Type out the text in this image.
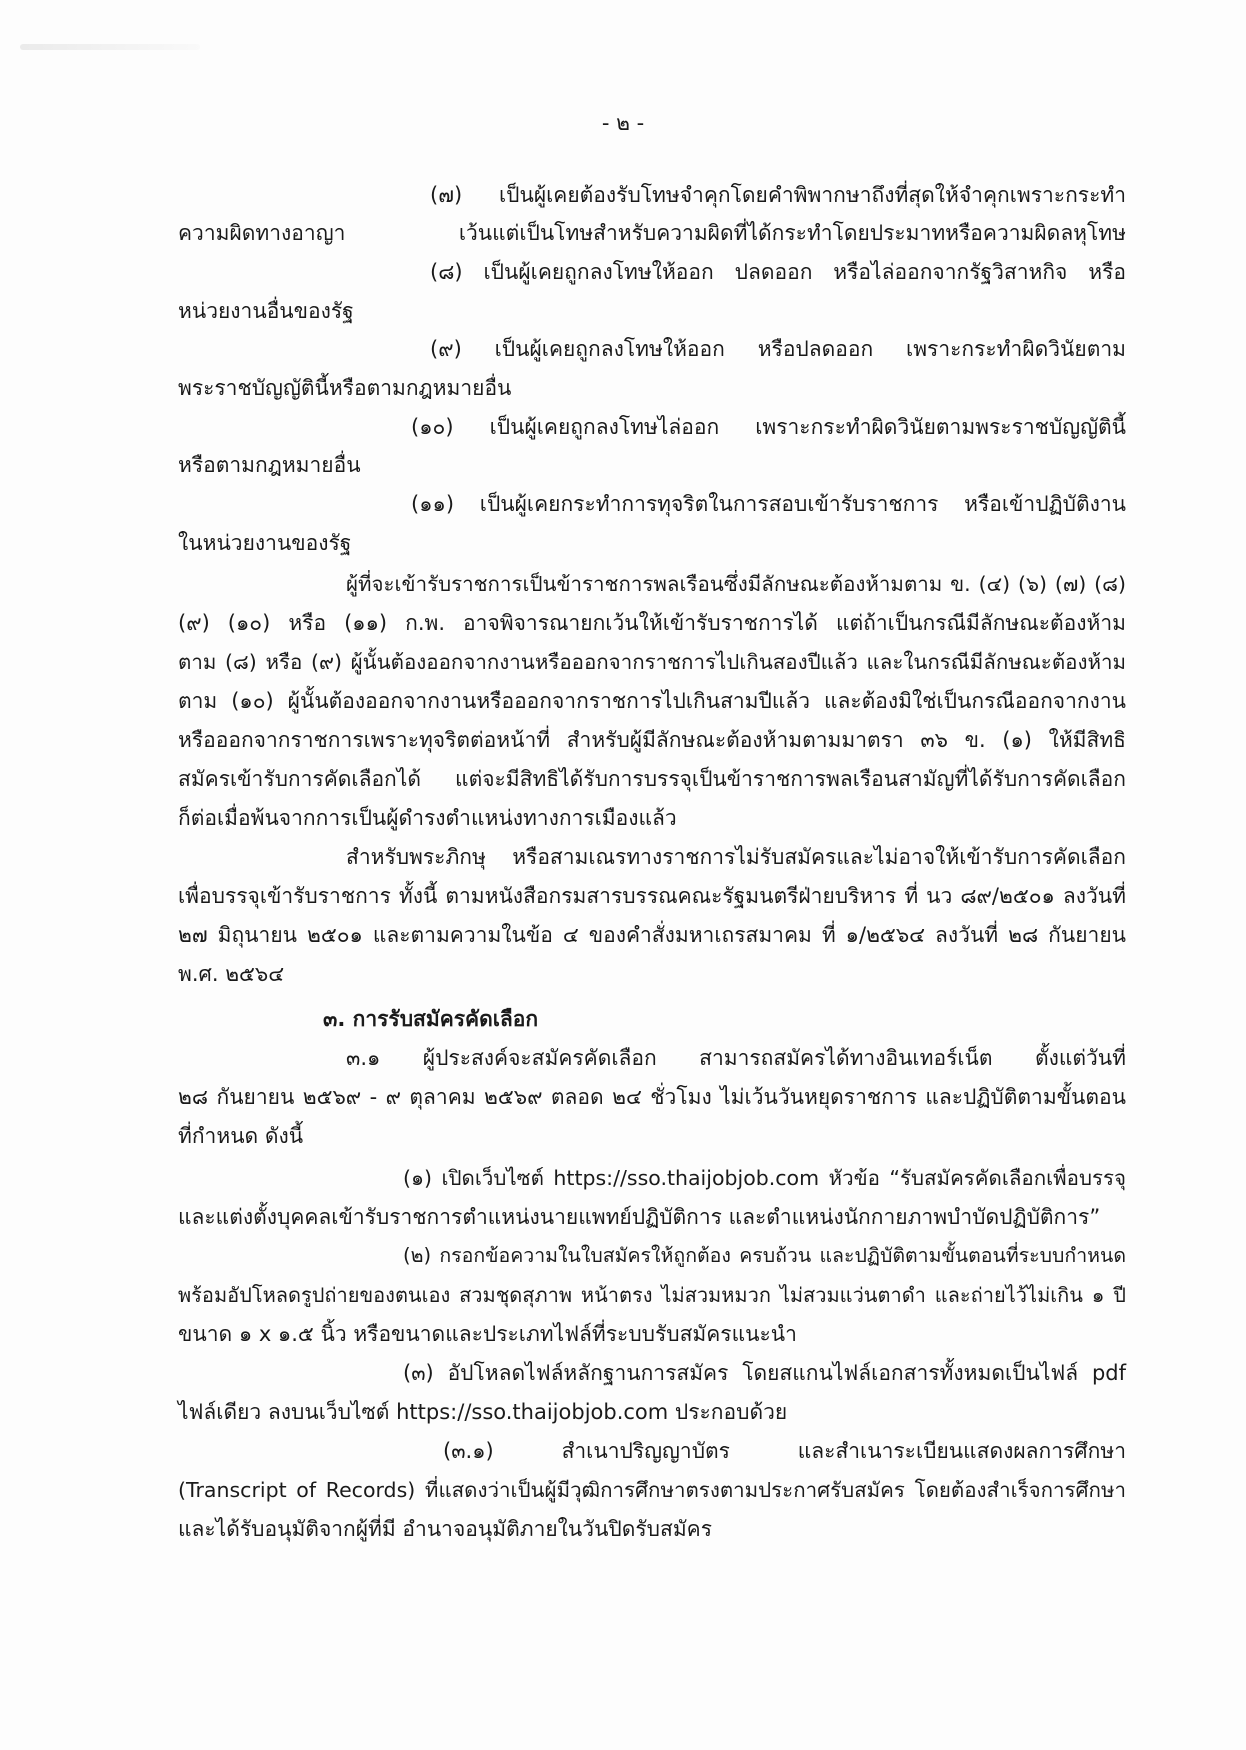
- ๒ -
(๗) เป็นผู้เคยต้องรับโทษจำคุกโดยคำพิพากษาถึงที่สุดให้จำคุกเพราะกระทำ
ความผิดทางอาญา เว้นแต่เป็นโทษสำหรับความผิดที่ได้กระทำโดยประมาทหรือความผิดลหุโทษ
(๘) เป็นผู้เคยถูกลงโทษให้ออก ปลดออก หรือไล่ออกจากรัฐวิสาหกิจ หรือ
หน่วยงานอื่นของรัฐ
(๙) เป็นผู้เคยถูกลงโทษให้ออก หรือปลดออก เพราะกระทำผิดวินัยตาม
พระราชบัญญัตินี้หรือตามกฎหมายอื่น
(๑๐) เป็นผู้เคยถูกลงโทษไล่ออก เพราะกระทำผิดวินัยตามพระราชบัญญัตินี้
หรือตามกฎหมายอื่น
(๑๑) เป็นผู้เคยกระทำการทุจริตในการสอบเข้ารับราชการ หรือเข้าปฏิบัติงาน
ในหน่วยงานของรัฐ
ผู้ที่จะเข้ารับราชการเป็นข้าราชการพลเรือนซึ่งมีลักษณะต้องห้ามตาม ข. (๔) (๖) (๗) (๘)
(๙) (๑๐) หรือ (๑๑) ก.พ. อาจพิจารณายกเว้นให้เข้ารับราชการได้ แต่ถ้าเป็นกรณีมีลักษณะต้องห้าม
ตาม (๘) หรือ (๙) ผู้นั้นต้องออกจากงานหรือออกจากราชการไปเกินสองปีแล้ว และในกรณีมีลักษณะต้องห้าม
ตาม (๑๐) ผู้นั้นต้องออกจากงานหรือออกจากราชการไปเกินสามปีแล้ว และต้องมิใช่เป็นกรณีออกจากงาน
หรือออกจากราชการเพราะทุจริตต่อหน้าที่ สำหรับผู้มีลักษณะต้องห้ามตามมาตรา ๓๖ ข. (๑) ให้มีสิทธิ
สมัครเข้ารับการคัดเลือกได้ แต่จะมีสิทธิได้รับการบรรจุเป็นข้าราชการพลเรือนสามัญที่ได้รับการคัดเลือก
ก็ต่อเมื่อพ้นจากการเป็นผู้ดำรงตำแหน่งทางการเมืองแล้ว
สำหรับพระภิกษุ หรือสามเณรทางราชการไม่รับสมัครและไม่อาจให้เข้ารับการคัดเลือก
เพื่อบรรจุเข้ารับราชการ ทั้งนี้ ตามหนังสือกรมสารบรรณคณะรัฐมนตรีฝ่ายบริหาร ที่ นว ๘๙/๒๕๐๑ ลงวันที่
๒๗ มิถุนายน ๒๕๐๑ และตามความในข้อ ๔ ของคำสั่งมหาเถรสมาคม ที่ ๑/๒๕๖๔ ลงวันที่ ๒๘ กันยายน
พ.ศ. ๒๕๖๔
๓. การรับสมัครคัดเลือก
๓.๑ ผู้ประสงค์จะสมัครคัดเลือก สามารถสมัครได้ทางอินเทอร์เน็ต ตั้งแต่วันที่
๒๘ กันยายน ๒๕๖๙ - ๙ ตุลาคม ๒๕๖๙ ตลอด ๒๔ ชั่วโมง ไม่เว้นวันหยุดราชการ และปฏิบัติตามขั้นตอน
ที่กำหนด ดังนี้
(๑) เปิดเว็บไซต์ https://sso.thaijobjob.com หัวข้อ “รับสมัครคัดเลือกเพื่อบรรจุ
และแต่งตั้งบุคคลเข้ารับราชการตำแหน่งนายแพทย์ปฏิบัติการ และตำแหน่งนักกายภาพบำบัดปฏิบัติการ”
(๒) กรอกข้อความในใบสมัครให้ถูกต้อง ครบถ้วน และปฏิบัติตามขั้นตอนที่ระบบกำหนด
พร้อมอัปโหลดรูปถ่ายของตนเอง สวมชุดสุภาพ หน้าตรง ไม่สวมหมวก ไม่สวมแว่นตาดำ และถ่ายไว้ไม่เกิน ๑ ปี
ขนาด ๑ x ๑.๕ นิ้ว หรือขนาดและประเภทไฟล์ที่ระบบรับสมัครแนะนำ
(๓) อัปโหลดไฟล์หลักฐานการสมัคร โดยสแกนไฟล์เอกสารทั้งหมดเป็นไฟล์ pdf
ไฟล์เดียว ลงบนเว็บไซต์ https://sso.thaijobjob.com ประกอบด้วย
(๓.๑) สำเนาปริญญาบัตร และสำเนาระเบียนแสดงผลการศึกษา
(Transcript of Records) ที่แสดงว่าเป็นผู้มีวุฒิการศึกษาตรงตามประกาศรับสมัคร โดยต้องสำเร็จการศึกษา
และได้รับอนุมัติจากผู้ที่มี อำนาจอนุมัติภายในวันปิดรับสมัคร
